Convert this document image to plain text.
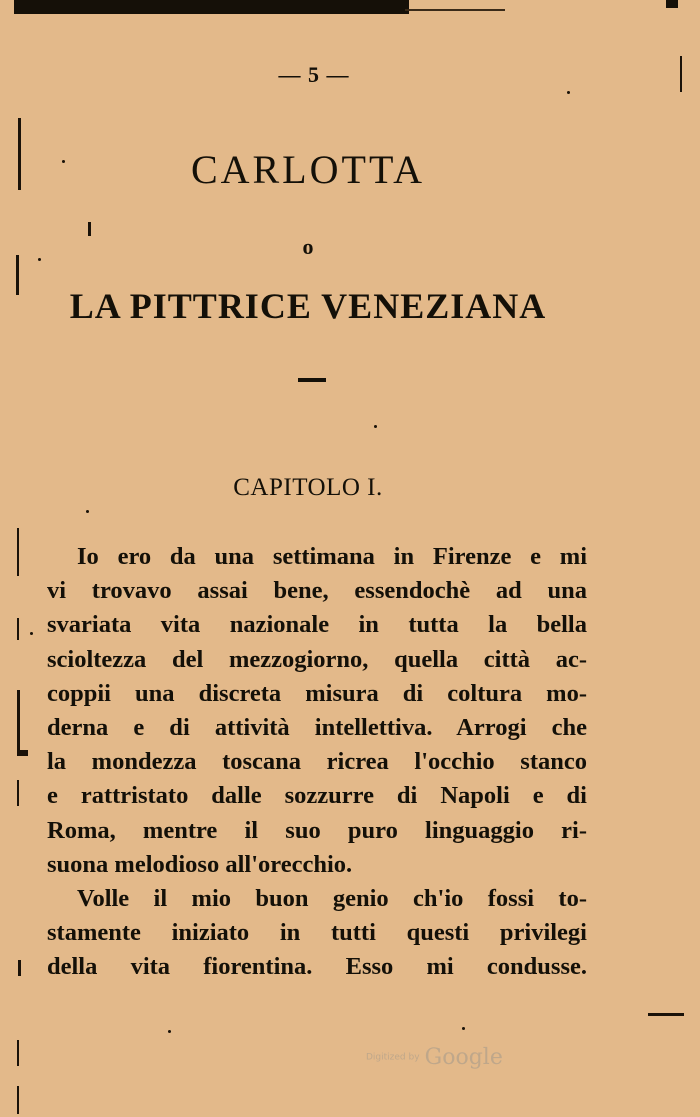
— 5 —
CARLOTTA
o
LA PITTRICE VENEZIANA
CAPITOLO I.
Io ero da una settimana in Firenze e mi
vi trovavo assai bene, essendochè ad una
svariata vita nazionale in tutta la bella
scioltezza del mezzogiorno, quella città ac-
coppii una discreta misura di coltura mo-
derna e di attività intellettiva. Arrogi che
la mondezza toscana ricrea l'occhio stanco
e rattristato dalle sozzurre di Napoli e di
Roma, mentre il suo puro linguaggio ri-
suona melodioso all'orecchio.
Volle il mio buon genio ch'io fossi to-
stamente iniziato in tutti questi privilegi
della vita fiorentina. Esso mi condusse.
Digitized by Google
